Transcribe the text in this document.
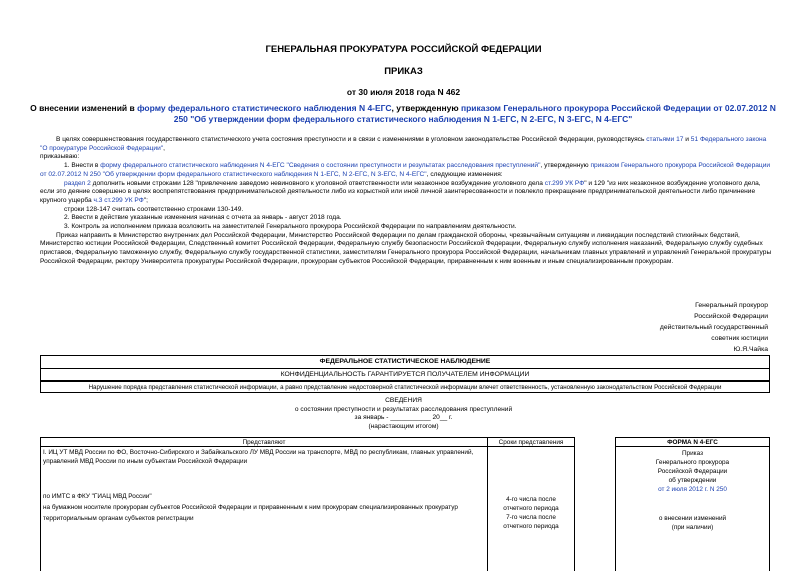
ГЕНЕРАЛЬНАЯ ПРОКУРАТУРА РОССИЙСКОЙ ФЕДЕРАЦИИ
ПРИКАЗ
от 30 июля 2018 года N 462
О внесении изменений в форму федерального статистического наблюдения N 4-ЕГС, утвержденную приказом Генерального прокурора Российской Федерации от 02.07.2012 N 250 "Об утверждении форм федерального статистического наблюдения N 1-ЕГС, N 2-ЕГС, N 3-ЕГС, N 4-ЕГС"

В целях совершенствования государственного статистического учета состояния преступности и в связи с изменениями в уголовном законодательстве Российской Федерации, руководствуясь статьями 17 и 51 Федерального закона "О прокуратуре Российской Федерации",

приказываю:

1. Внести в форму федерального статистического наблюдения N 4-ЕГС "Сведения о состоянии преступности и результатах расследования преступлений", утвержденную приказом Генерального прокурора Российской Федерации от 02.07.2012 N 250 "Об утверждении форм федерального статистического наблюдения N 1-ЕГС, N 2-ЕГС, N 3-ЕГС, N 4-ЕГС", следующие изменения:

раздел 2 дополнить новыми строками 128 "привлечение заведомо невиновного к уголовной ответственности или незаконное возбуждение уголовного дела ст.299 УК РФ" и 129 "из них незаконное возбуждение уголовного дела, если это деяние совершено в целях воспрепятствования предпринимательской деятельности либо из корыстной или иной личной заинтересованности и повлекло прекращение предпринимательской деятельности либо причинение крупного ущерба ч.3 ст.299 УК РФ";

строки 128-147 считать соответственно строками 130-149.

2. Ввести в действие указанные изменения начиная с отчета за январь - август 2018 года.

3. Контроль за исполнением приказа возложить на заместителей Генерального прокурора Российской Федерации по направлениям деятельности.

Приказ направить в Министерство внутренних дел Российской Федерации, Министерство Российской Федерации по делам гражданской обороны, чрезвычайным ситуациям и ликвидации последствий стихийных бедствий, Министерство юстиции Российской Федерации, Следственный комитет Российской Федерации, Федеральную службу безопасности Российской Федерации, Федеральную службу исполнения наказаний, Федеральную службу судебных приставов, Федеральную таможенную службу, Федеральную службу государственной статистики, заместителям Генерального прокурора Российской Федерации, начальникам главных управлений и управлений Генеральной прокуратуры Российской Федерации, ректору Университета прокуратуры Российской Федерации, прокурорам субъектов Российской Федерации, приравненным к ним военным и иным специализированным прокурорам.

Генеральный прокурор
Российской Федерации
действительный государственный
советник юстиции
Ю.Я.Чайка
ФЕДЕРАЛЬНОЕ СТАТИСТИЧЕСКОЕ НАБЛЮДЕНИЕ
КОНФИДЕНЦИАЛЬНОСТЬ ГАРАНТИРУЕТСЯ ПОЛУЧАТЕЛЕМ ИНФОРМАЦИИ
Нарушение порядка представления статистической информации, а равно представление недостоверной статистической информации влечет ответственность, установленную законодательством Российской Федерации
СВЕДЕНИЯ
о состоянии преступности и результатах расследования преступлений
за январь - ___________ 20__ г.
(нарастающим итогом)
Представляют	Сроки представления	ФОРМА N 4-ЕГС
I. ИЦ УТ МВД России по ФО, Восточно-Сибирского и Забайкальского ЛУ МВД России на транспорте, МВД по республикам, главных управлений, управлений МВД России по иным субъектам Российской Федерации
по ИМТС в ФКУ "ГИАЦ МВД России"
на бумажном носителе прокурорам субъектов Российской Федерации и приравненным к ним прокурорам специализированных прокуратур
территориальным органам субъектов регистрации
4-го числа после
отчетного периода
7-го числа после
отчетного периода
Приказ
Генерального прокурора
Российской Федерации
об утверждении
от 2 июля 2012 г. N 250
о внесении изменений
(при наличии)
